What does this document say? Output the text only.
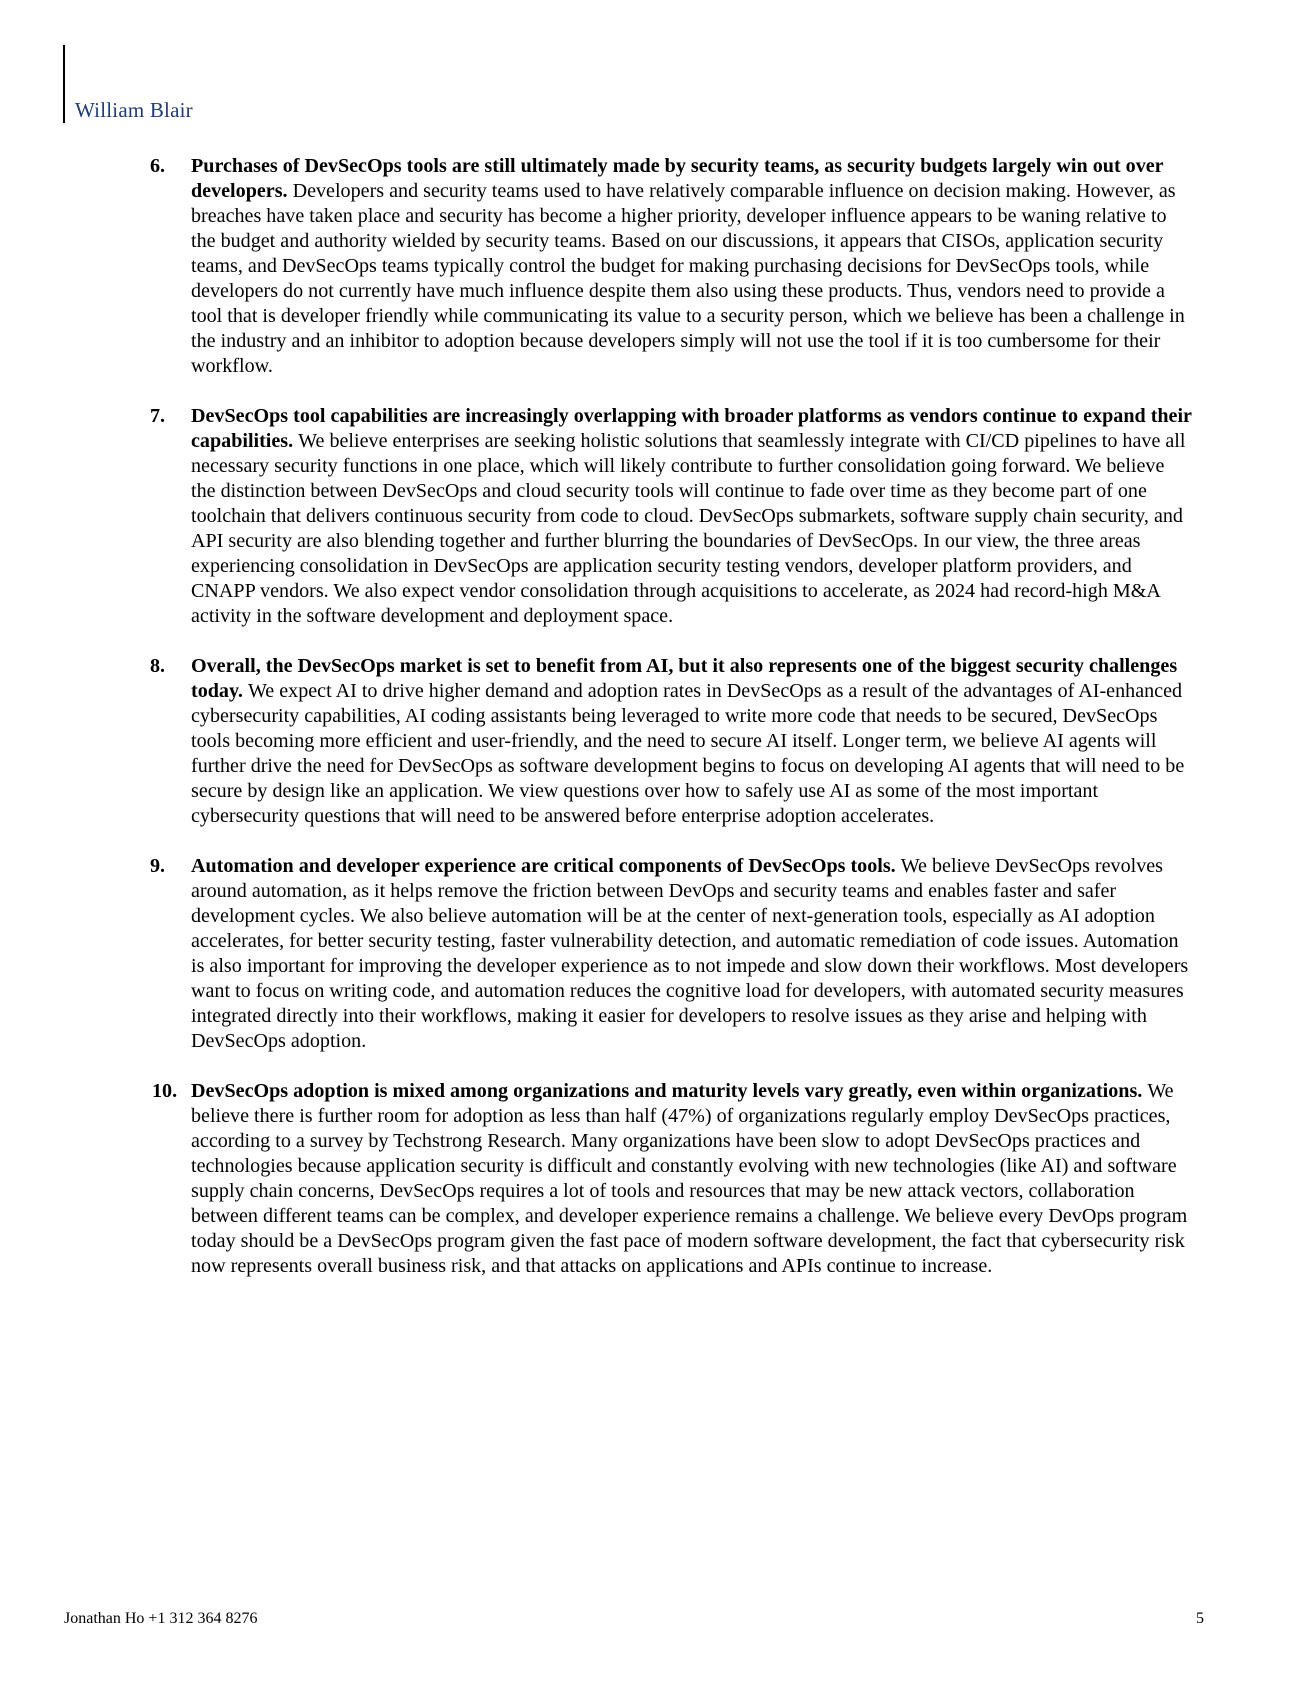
William Blair
6.	Purchases of DevSecOps tools are still ultimately made by security teams, as security budgets largely win out over developers. Developers and security teams used to have relatively comparable influence on decision making. However, as breaches have taken place and security has become a higher priority, developer influence appears to be waning relative to the budget and authority wielded by security teams. Based on our discussions, it appears that CISOs, application security teams, and DevSecOps teams typically control the budget for making purchasing decisions for DevSecOps tools, while developers do not currently have much influence despite them also using these products. Thus, vendors need to provide a tool that is developer friendly while communicating its value to a security person, which we believe has been a challenge in the industry and an inhibitor to adoption because developers simply will not use the tool if it is too cumbersome for their workflow.
7.	DevSecOps tool capabilities are increasingly overlapping with broader platforms as vendors continue to expand their capabilities. We believe enterprises are seeking holistic solutions that seamlessly integrate with CI/CD pipelines to have all necessary security functions in one place, which will likely contribute to further consolidation going forward. We believe the distinction between DevSecOps and cloud security tools will continue to fade over time as they become part of one toolchain that delivers continuous security from code to cloud. DevSecOps submarkets, software supply chain security, and API security are also blending together and further blurring the boundaries of DevSecOps. In our view, the three areas experiencing consolidation in DevSecOps are application security testing vendors, developer platform providers, and CNAPP vendors. We also expect vendor consolidation through acquisitions to accelerate, as 2024 had record-high M&A activity in the software development and deployment space.
8.	Overall, the DevSecOps market is set to benefit from AI, but it also represents one of the biggest security challenges today. We expect AI to drive higher demand and adoption rates in DevSecOps as a result of the advantages of AI-enhanced cybersecurity capabilities, AI coding assistants being leveraged to write more code that needs to be secured, DevSecOps tools becoming more efficient and user-friendly, and the need to secure AI itself. Longer term, we believe AI agents will further drive the need for DevSecOps as software development begins to focus on developing AI agents that will need to be secure by design like an application. We view questions over how to safely use AI as some of the most important cybersecurity questions that will need to be answered before enterprise adoption accelerates.
9.	Automation and developer experience are critical components of DevSecOps tools. We believe DevSecOps revolves around automation, as it helps remove the friction between DevOps and security teams and enables faster and safer development cycles. We also believe automation will be at the center of next-generation tools, especially as AI adoption accelerates, for better security testing, faster vulnerability detection, and automatic remediation of code issues. Automation is also important for improving the developer experience as to not impede and slow down their workflows. Most developers want to focus on writing code, and automation reduces the cognitive load for developers, with automated security measures integrated directly into their workflows, making it easier for developers to resolve issues as they arise and helping with DevSecOps adoption.
10. DevSecOps adoption is mixed among organizations and maturity levels vary greatly, even within organizations. We believe there is further room for adoption as less than half (47%) of organizations regularly employ DevSecOps practices, according to a survey by Techstrong Research. Many organizations have been slow to adopt DevSecOps practices and technologies because application security is difficult and constantly evolving with new technologies (like AI) and software supply chain concerns, DevSecOps requires a lot of tools and resources that may be new attack vectors, collaboration between different teams can be complex, and developer experience remains a challenge. We believe every DevOps program today should be a DevSecOps program given the fast pace of modern software development, the fact that cybersecurity risk now represents overall business risk, and that attacks on applications and APIs continue to increase.
Jonathan Ho +1 312 364 8276	5
